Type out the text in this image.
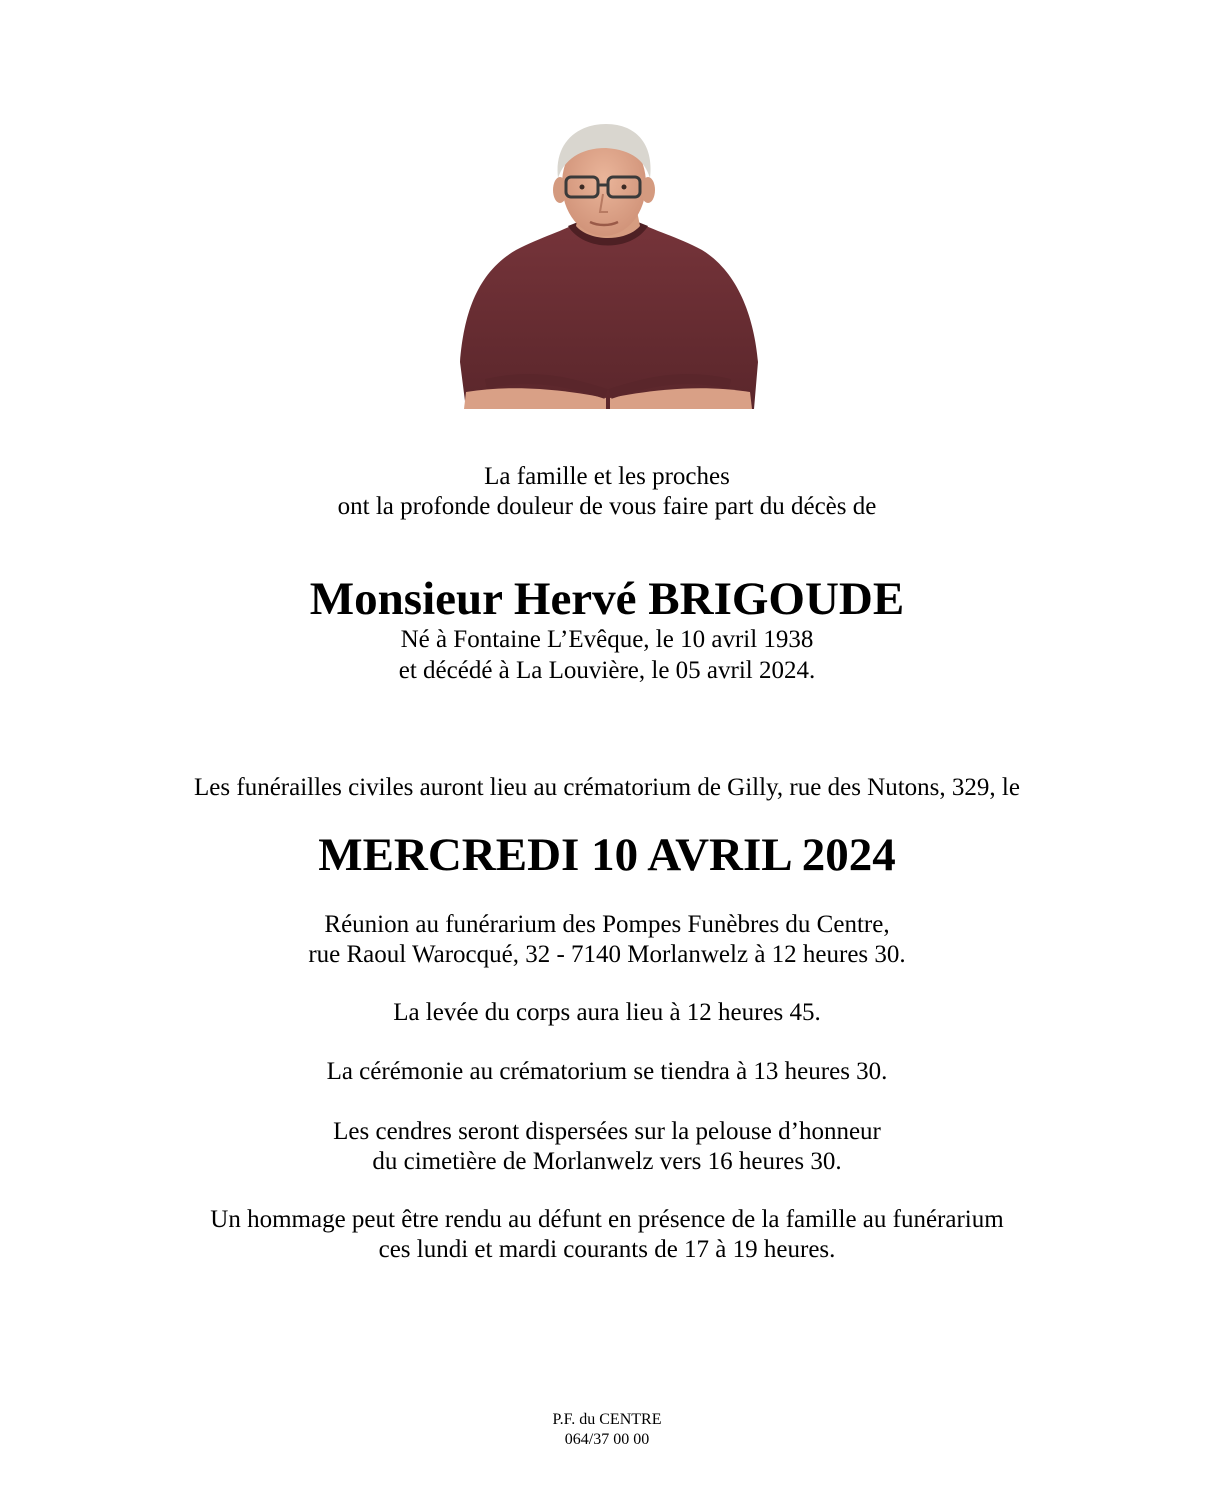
La famille et les proches
ont la profonde douleur de vous faire part du décès de
Monsieur Hervé BRIGOUDE
Né à Fontaine L’Evêque, le 10 avril 1938
et décédé à La Louvière, le 05 avril 2024.
Les funérailles civiles auront lieu au crématorium de Gilly, rue des Nutons, 329, le
MERCREDI 10 AVRIL 2024
Réunion au funérarium des Pompes Funèbres du Centre,
rue Raoul Warocqué, 32 - 7140 Morlanwelz à 12 heures 30.
La levée du corps aura lieu à 12 heures 45.
La cérémonie au crématorium se tiendra à 13 heures 30.
Les cendres seront dispersées sur la pelouse d’honneur
du cimetière de Morlanwelz vers 16 heures 30.
Un hommage peut être rendu au défunt en présence de la famille au funérarium
ces lundi et mardi courants de 17 à 19 heures.
P.F. du CENTRE
064/37 00 00
